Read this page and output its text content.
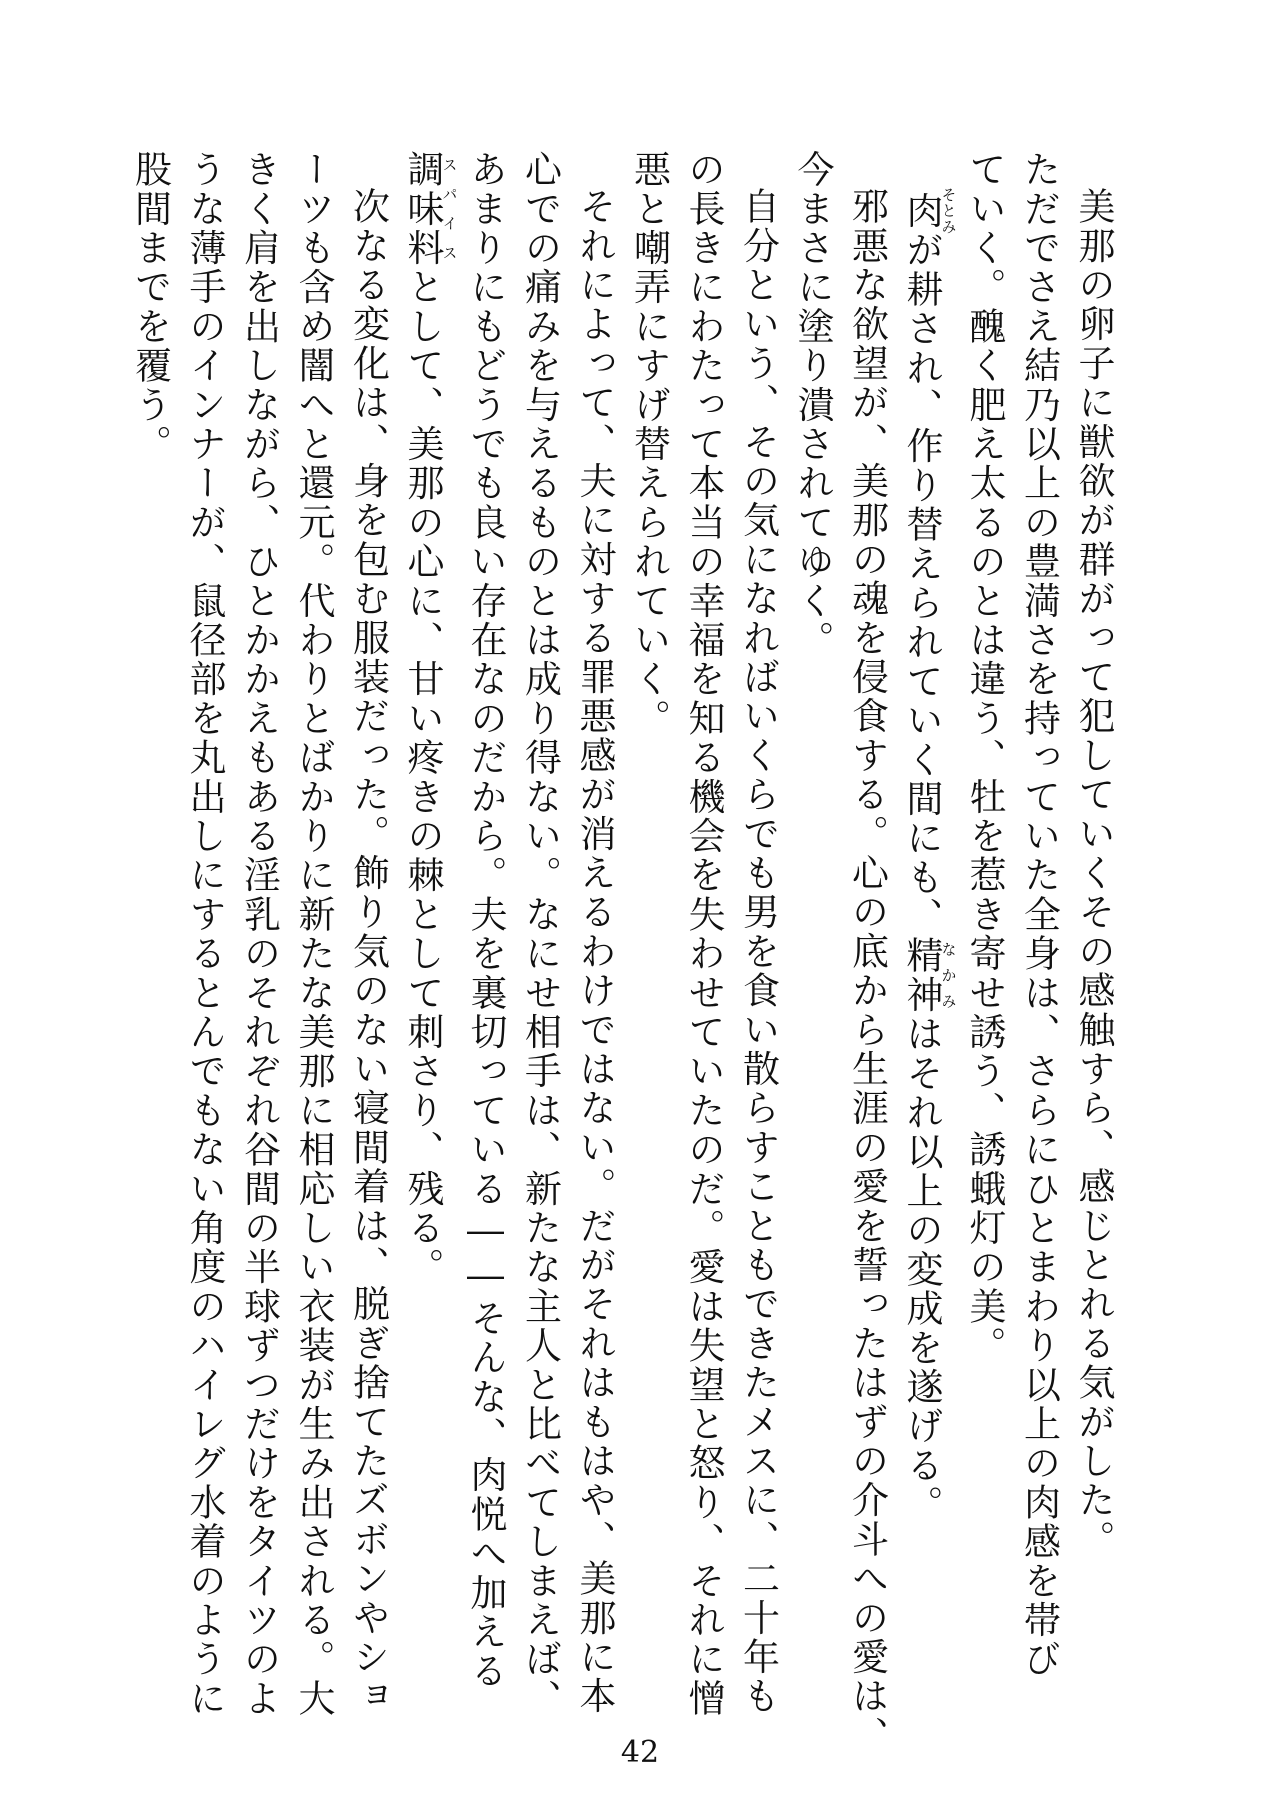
美那の卵子に獣欲が群がって犯していくその感触すら、感じとれる気がした。

ただでさえ結乃以上の豊満さを持っていた全身は、さらにひとまわり以上の肉感を帯び

ていく。醜く肥え太るのとは違う、牡を惹き寄せ誘う、誘蛾灯の美。

肉そとみが耕され、作り替えられていく間にも、精神なかみはそれ以上の変成を遂げる。

邪悪な欲望が、美那の魂を侵食する。心の底から生涯の愛を誓ったはずの介斗への愛は、

今まさに塗り潰されてゆく。

自分という、その気になればいくらでも男を食い散らすこともできたメスに、二十年も

の長きにわたって本当の幸福を知る機会を失わせていたのだ。愛は失望と怒り、それに憎

悪と嘲弄にすげ替えられていく。

それによって、夫に対する罪悪感が消えるわけではない。だがそれはもはや、美那に本

心での痛みを与えるものとは成り得ない。なにせ相手は、新たな主人と比べてしまえば、

あまりにもどうでも良い存在なのだから。夫を裏切っている――そんな、肉悦へ加える

調味料スパイスとして、美那の心に、甘い疼きの棘として刺さり、残る。

次なる変化は、身を包む服装だった。飾り気のない寝間着は、脱ぎ捨てたズボンやショ

ーツも含め闇へと還元。代わりとばかりに新たな美那に相応しい衣装が生み出される。大

きく肩を出しながら、ひとかかえもある淫乳のそれぞれ谷間の半球ずつだけをタイツのよ

うな薄手のインナーが、鼠径部を丸出しにするとんでもない角度のハイレグ水着のように

股間までを覆う。

42
